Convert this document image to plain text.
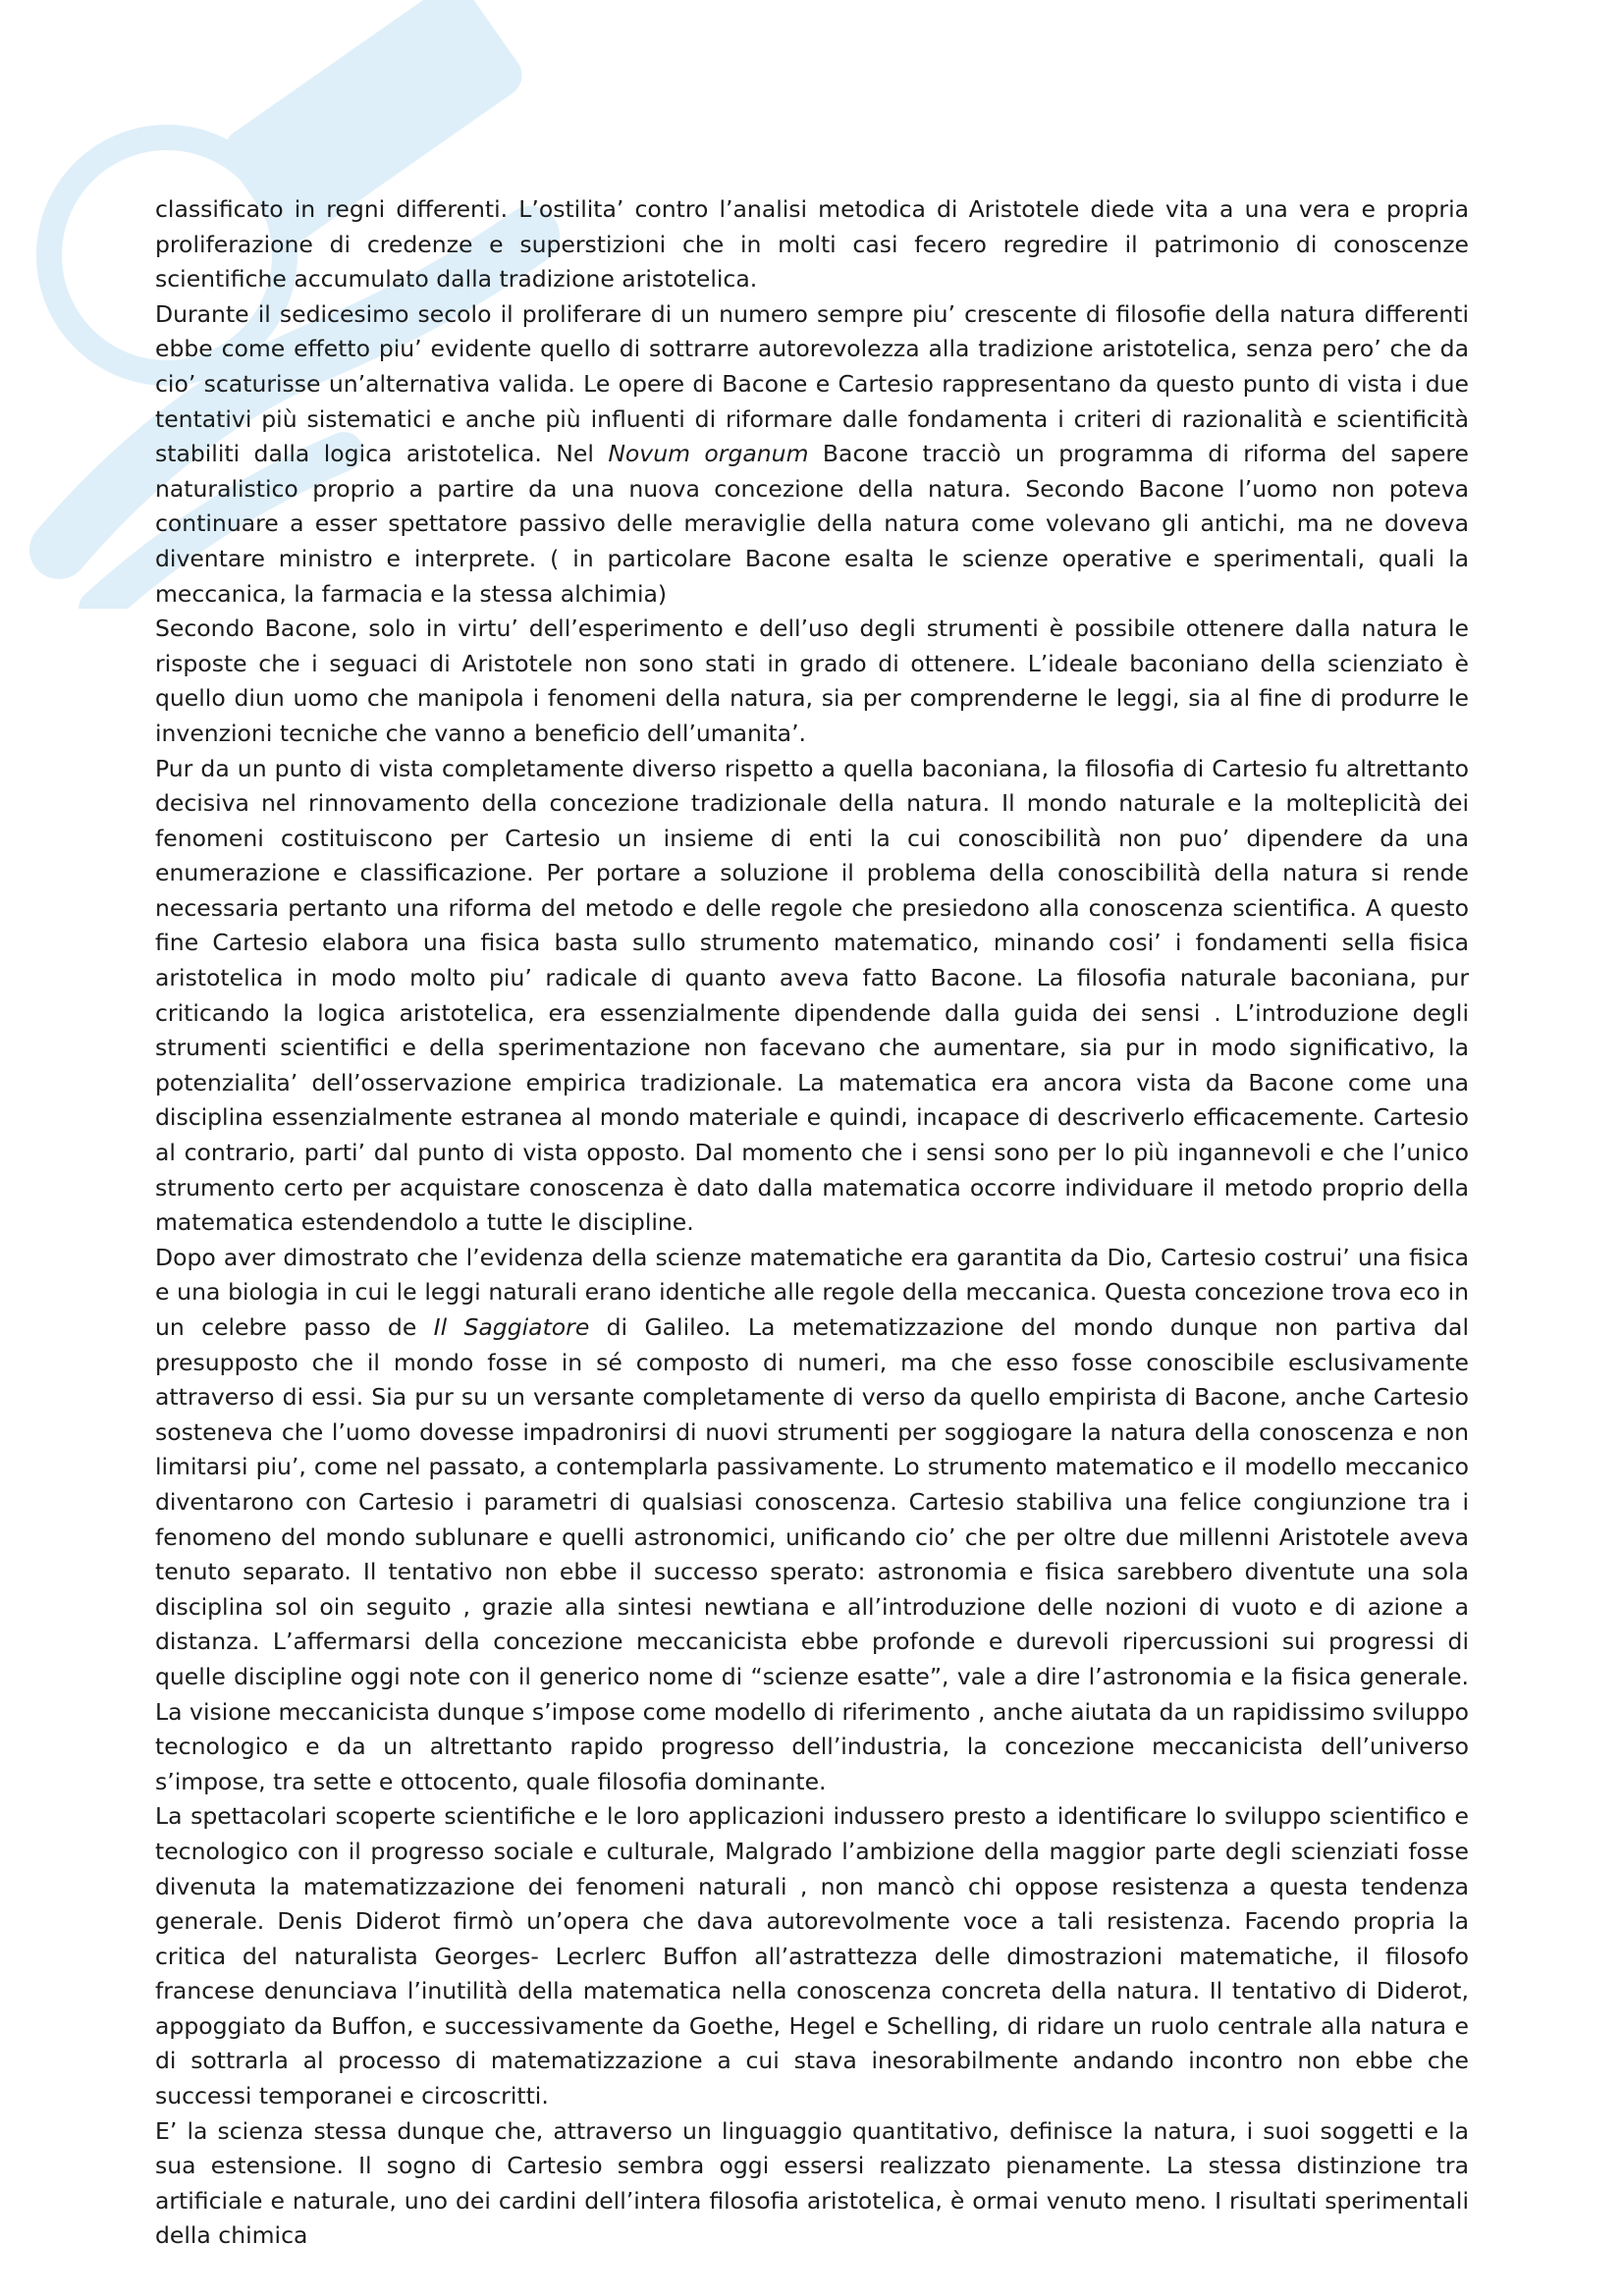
classificato in regni differenti. L’ostilita’ contro l’analisi metodica di Aristotele diede vita a una vera e propria proliferazione di credenze e superstizioni che in molti casi fecero regredire il patrimonio di conoscenze scientifiche accumulato dalla tradizione aristotelica.

Durante il sedicesimo secolo il proliferare di un numero sempre piu’ crescente di filosofie della natura differenti ebbe come effetto piu’ evidente quello di sottrarre autorevolezza alla tradizione aristotelica, senza pero’ che da cio’ scaturisse un’alternativa valida. Le opere di Bacone e Cartesio rappresentano da questo punto di vista i due tentativi più sistematici e anche più influenti di riformare dalle fondamenta i criteri di razionalità e scientificità stabiliti dalla logica aristotelica. Nel Novum organum Bacone tracciò un programma di riforma del sapere naturalistico proprio a partire da una nuova concezione della natura. Secondo Bacone l’uomo non poteva continuare a esser spettatore passivo delle meraviglie della natura come volevano gli antichi, ma ne doveva diventare ministro e interprete. ( in particolare Bacone esalta le scienze operative e sperimentali, quali la meccanica, la farmacia e la stessa alchimia)

Secondo Bacone, solo in virtu’ dell’esperimento e dell’uso degli strumenti è possibile ottenere dalla natura le risposte che i seguaci di Aristotele non sono stati in grado di ottenere. L’ideale baconiano della scienziato è quello diun uomo che manipola i fenomeni della natura, sia per comprenderne le leggi, sia al fine di produrre le invenzioni tecniche che vanno a beneficio dell’umanita’.

Pur da un punto di vista completamente diverso rispetto a quella baconiana, la filosofia di Cartesio fu altrettanto decisiva nel rinnovamento della concezione tradizionale della natura. Il mondo naturale e la molteplicità dei fenomeni costituiscono per Cartesio un insieme di enti la cui conoscibilità non puo’ dipendere da una enumerazione e classificazione. Per portare a soluzione il problema della conoscibilità della natura si rende necessaria pertanto una riforma del metodo e delle regole che presiedono alla conoscenza scientifica. A questo fine Cartesio elabora una fisica basta sullo strumento matematico, minando cosi’ i fondamenti sella fisica aristotelica in modo molto piu’ radicale di quanto aveva fatto Bacone. La filosofia naturale baconiana, pur criticando la logica aristotelica, era essenzialmente dipendende dalla guida dei sensi . L’introduzione degli strumenti scientifici e della sperimentazione non facevano che aumentare, sia pur in modo significativo, la potenzialita’ dell’osservazione empirica tradizionale. La matematica era ancora vista da Bacone come una disciplina essenzialmente estranea al mondo materiale e quindi, incapace di descriverlo efficacemente. Cartesio al contrario, parti’ dal punto di vista opposto. Dal momento che i sensi sono per lo più ingannevoli e che l’unico strumento certo per acquistare conoscenza è dato dalla matematica occorre individuare il metodo proprio della matematica estendendolo a tutte le discipline.

Dopo aver dimostrato che l’evidenza della scienze matematiche era garantita da Dio, Cartesio costrui’ una fisica e una biologia in cui le leggi naturali erano identiche alle regole della meccanica. Questa concezione trova eco in un celebre passo de Il Saggiatore di Galileo. La metematizzazione del mondo dunque non partiva dal presupposto che il mondo fosse in sé composto di numeri, ma che esso fosse conoscibile esclusivamente attraverso di essi. Sia pur su un versante completamente di verso da quello empirista di Bacone, anche Cartesio sosteneva che l’uomo dovesse impadronirsi di nuovi strumenti per soggiogare la natura della conoscenza e non limitarsi piu’, come nel passato, a contemplarla passivamente. Lo strumento matematico e il modello meccanico diventarono con Cartesio i parametri di qualsiasi conoscenza. Cartesio stabiliva una felice congiunzione tra i fenomeno del mondo sublunare e quelli astronomici, unificando cio’ che per oltre due millenni Aristotele aveva tenuto separato. Il tentativo non ebbe il successo sperato: astronomia e fisica sarebbero diventute una sola disciplina sol oin seguito , grazie alla sintesi newtiana e all’introduzione delle nozioni di vuoto e di azione a distanza. L’affermarsi della concezione meccanicista ebbe profonde e durevoli ripercussioni sui progressi di quelle discipline oggi note con il generico nome di “scienze esatte”, vale a dire l’astronomia e la fisica generale. La visione meccanicista dunque s’impose come modello di riferimento , anche aiutata da un rapidissimo sviluppo tecnologico e da un altrettanto rapido progresso dell’industria, la concezione meccanicista dell’universo s’impose, tra sette e ottocento, quale filosofia dominante.

La spettacolari scoperte scientifiche e le loro applicazioni indussero presto a identificare lo sviluppo scientifico e tecnologico con il progresso sociale e culturale, Malgrado l’ambizione della maggior parte degli scienziati fosse divenuta la matematizzazione dei fenomeni naturali , non mancò chi oppose resistenza a questa tendenza generale. Denis Diderot firmò un’opera che dava autorevolmente voce a tali resistenza. Facendo propria la critica del naturalista Georges- Lecrlerc Buffon all’astrattezza delle dimostrazioni matematiche, il filosofo francese denunciava l’inutilità della matematica nella conoscenza concreta della natura. Il tentativo di Diderot, appoggiato da Buffon, e successivamente da Goethe, Hegel e Schelling, di ridare un ruolo centrale alla natura e di sottrarla al processo di matematizzazione a cui stava inesorabilmente andando incontro non ebbe che successi temporanei e circoscritti.

E’ la scienza stessa dunque che, attraverso un linguaggio quantitativo, definisce la natura, i suoi soggetti e la sua estensione. Il sogno di Cartesio sembra oggi essersi realizzato pienamente. La stessa distinzione tra artificiale e naturale, uno dei cardini dell’intera filosofia aristotelica, è ormai venuto meno. I risultati sperimentali della chimica
